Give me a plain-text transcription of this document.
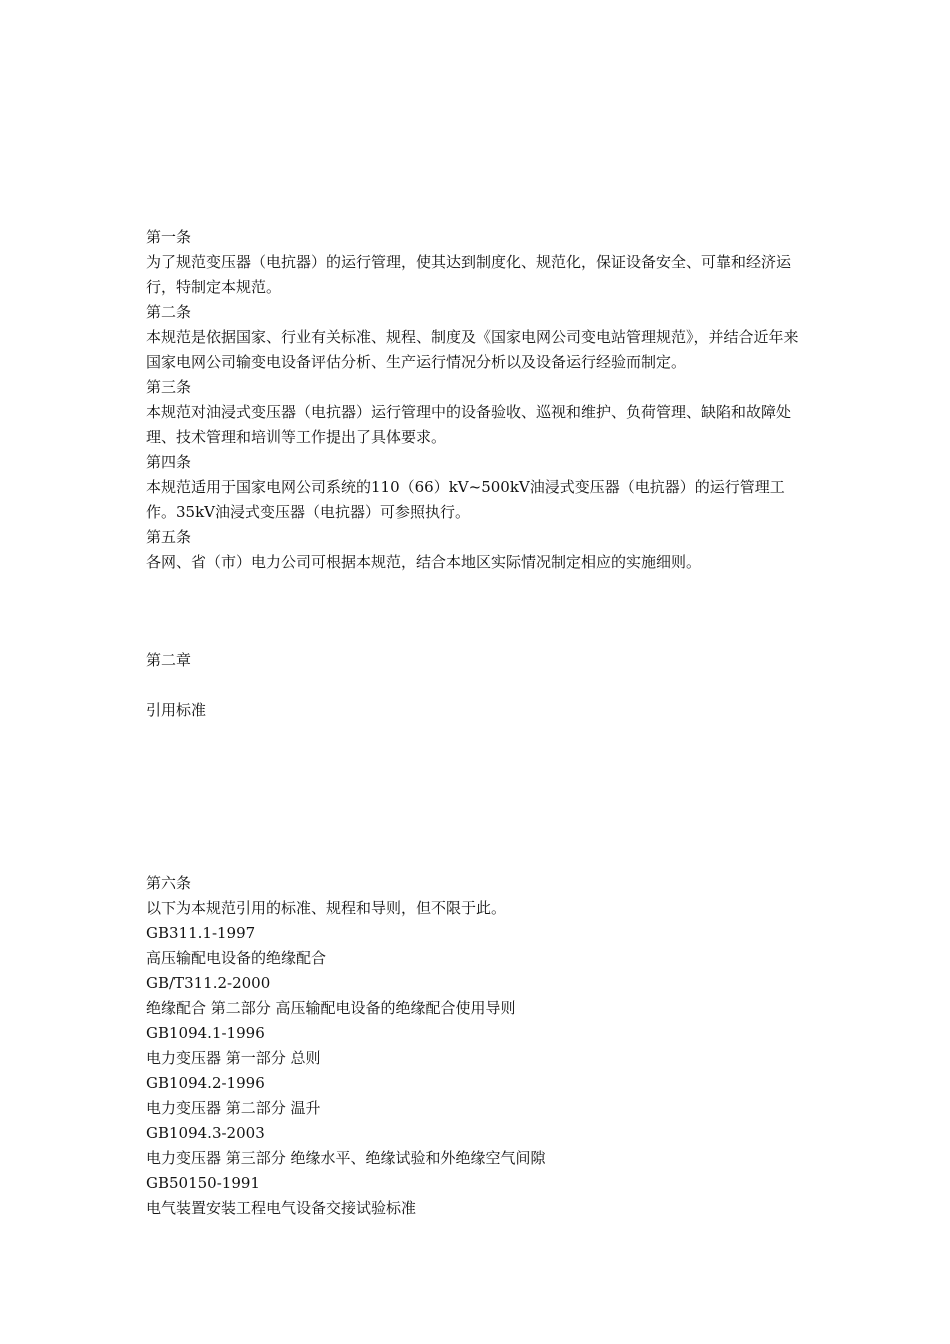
第一条

为了规范变压器（电抗器）的运行管理，使其达到制度化、规范化，保证设备安全、可靠和经济运行，特制定本规范。

第二条

本规范是依据国家、行业有关标准、规程、制度及《国家电网公司变电站管理规范》，并结合近年来国家电网公司输变电设备评估分析、生产运行情况分析以及设备运行经验而制定。

第三条

本规范对油浸式变压器（电抗器）运行管理中的设备验收、巡视和维护、负荷管理、缺陷和故障处理、技术管理和培训等工作提出了具体要求。

第四条

本规范适用于国家电网公司系统的110（66）kV~500kV油浸式变压器（电抗器）的运行管理工作。35kV油浸式变压器（电抗器）可参照执行。

第五条

各网、省（市）电力公司可根据本规范，结合本地区实际情况制定相应的实施细则。

第二章

引用标准

第六条

以下为本规范引用的标准、规程和导则，但不限于此。

GB311.1-1997

高压输配电设备的绝缘配合

GB/T311.2-2000

绝缘配合 第二部分 高压输配电设备的绝缘配合使用导则

GB1094.1-1996

电力变压器 第一部分 总则

GB1094.2-1996

电力变压器 第二部分 温升

GB1094.3-2003

电力变压器 第三部分 绝缘水平、绝缘试验和外绝缘空气间隙

GB50150-1991

电气装置安装工程电气设备交接试验标准
